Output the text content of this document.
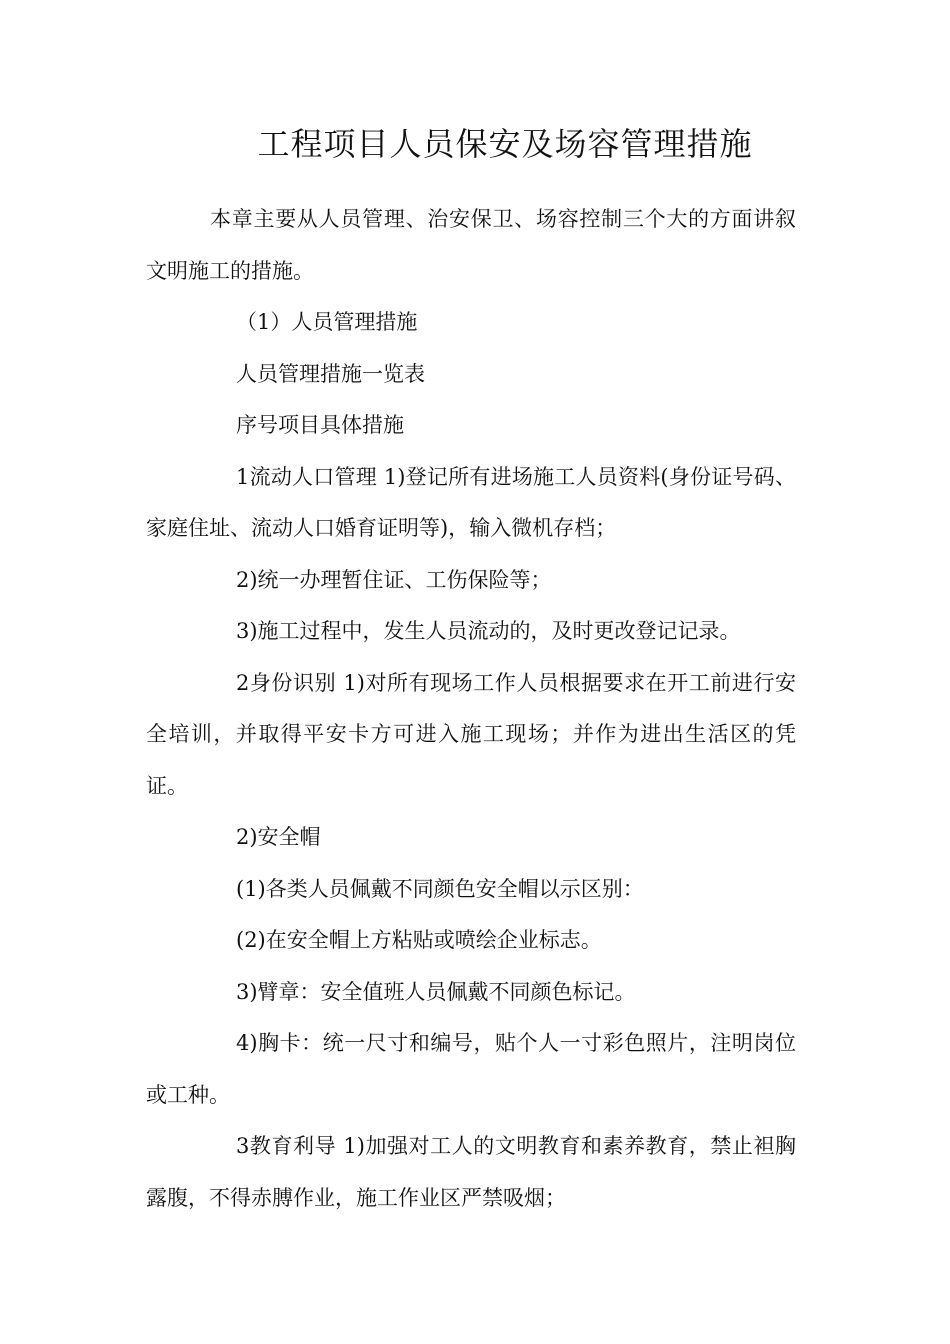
工程项目人员保安及场容管理措施

本章主要从人员管理、治安保卫、场容控制三个大的方面讲叙文明施工的措施。

（1）人员管理措施

人员管理措施一览表

序号项目具体措施

1流动人口管理 1)登记所有进场施工人员资料(身份证号码、家庭住址、流动人口婚育证明等)，输入微机存档；

2)统一办理暂住证、工伤保险等；

3)施工过程中，发生人员流动的，及时更改登记记录。

2身份识别 1)对所有现场工作人员根据要求在开工前进行安全培训，并取得平安卡方可进入施工现场；并作为进出生活区的凭证。

2)安全帽

(1)各类人员佩戴不同颜色安全帽以示区别：

(2)在安全帽上方粘贴或喷绘企业标志。

3)臂章：安全值班人员佩戴不同颜色标记。

4)胸卡：统一尺寸和编号，贴个人一寸彩色照片，注明岗位或工种。

3教育利导 1)加强对工人的文明教育和素养教育，禁止袒胸露腹，不得赤膊作业，施工作业区严禁吸烟；
